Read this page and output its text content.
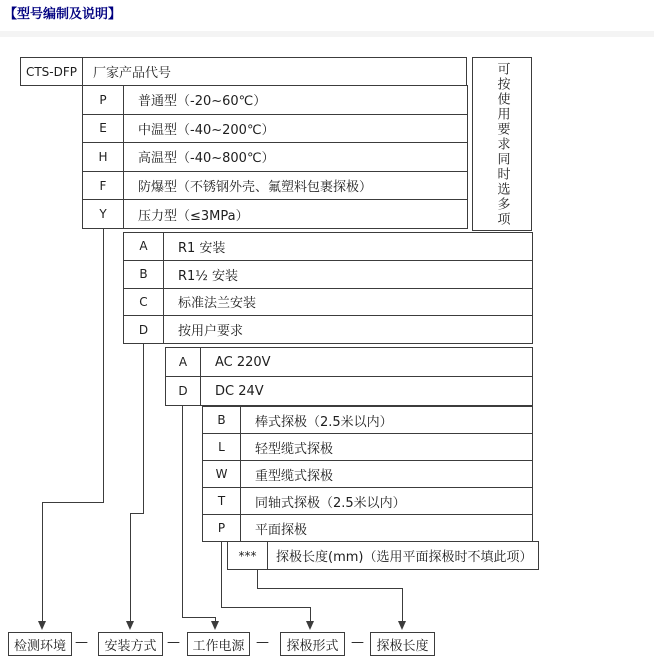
【型号编制及说明】
CTS-DFP	厂家产品代号	可按使用要求同时选多项
P	普通型（-20~60℃）
E	中温型（-40~200℃）
H	高温型（-40~800℃）
F	防爆型（不锈钢外壳、氟塑料包裹探极）
Y	压力型（≤3MPa）
A	R1 安装
B	R1½ 安装
C	标准法兰安装
D	按用户要求
A	AC 220V
D	DC 24V
B	棒式探极（2.5米以内）
L	轻型缆式探极
W	重型缆式探极
T	同轴式探极（2.5米以内）
P	平面探极
***	探极长度(mm)（选用平面探极时不填此项）
检测环境 —	安装方式 — 工作电源 —	探极形式 — 探极长度
